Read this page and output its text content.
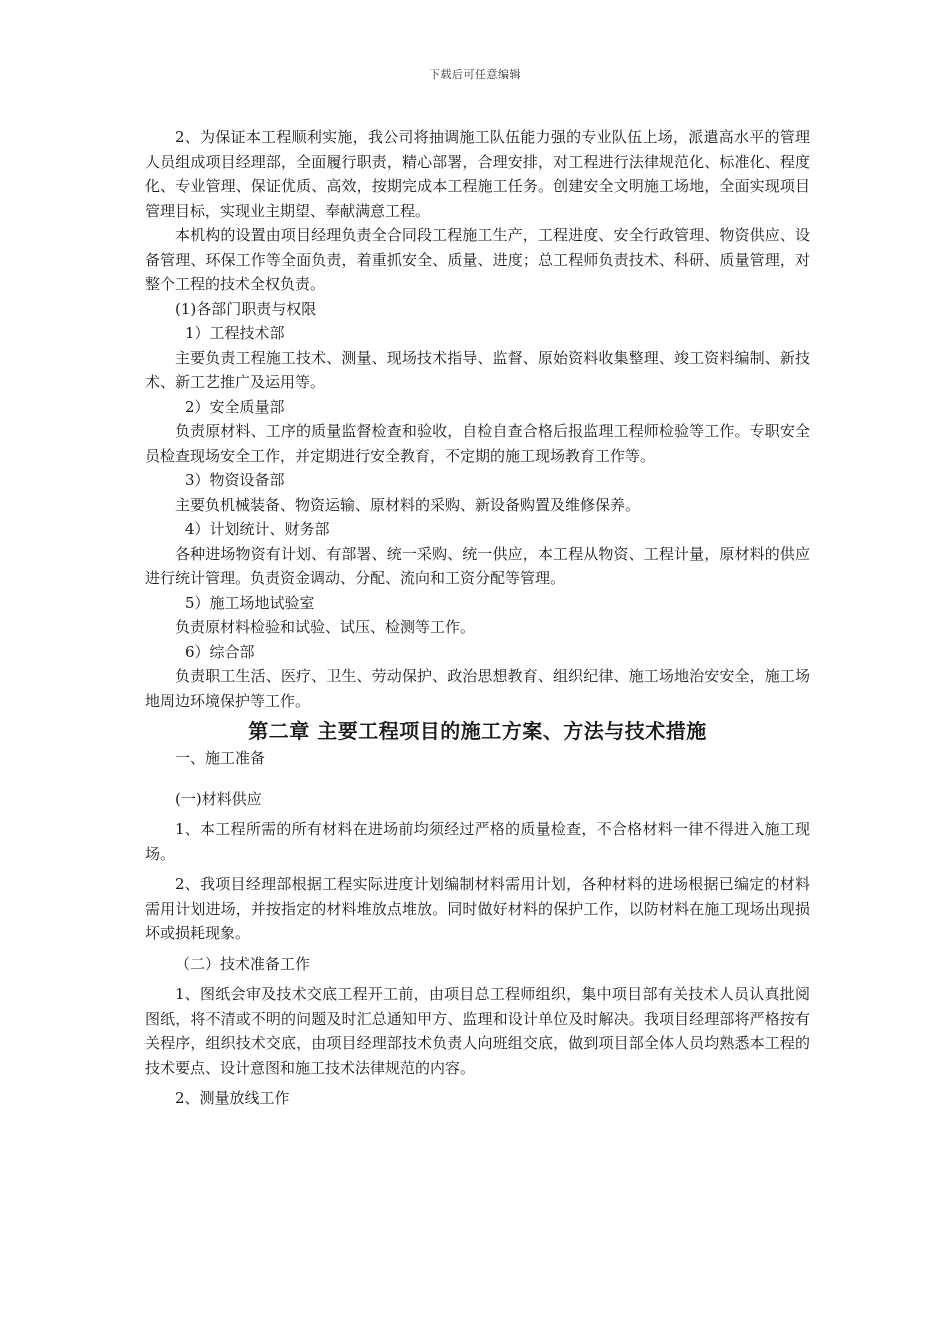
下载后可任意编辑

2、为保证本工程顺利实施，我公司将抽调施工队伍能力强的专业队伍上场，派遣高水平的管理人员组成项目经理部，全面履行职责，精心部署，合理安排，对工程进行法律规范化、标准化、程度化、专业管理、保证优质、高效，按期完成本工程施工任务。创建安全文明施工场地，全面实现项目管理目标，实现业主期望、奉献满意工程。

本机构的设置由项目经理负责全合同段工程施工生产，工程进度、安全行政管理、物资供应、设备管理、环保工作等全面负责，着重抓安全、质量、进度；总工程师负责技术、科研、质量管理，对整个工程的技术全权负责。

(1)各部门职责与权限

1）工程技术部

主要负责工程施工技术、测量、现场技术指导、监督、原始资料收集整理、竣工资料编制、新技术、新工艺推广及运用等。

2）安全质量部

负责原材料、工序的质量监督检查和验收，自检自查合格后报监理工程师检验等工作。专职安全员检查现场安全工作，并定期进行安全教育，不定期的施工现场教育工作等。

3）物资设备部

主要负机械装备、物资运输、原材料的采购、新设备购置及维修保养。

4）计划统计、财务部

各种进场物资有计划、有部署、统一采购、统一供应，本工程从物资、工程计量，原材料的供应进行统计管理。负责资金调动、分配、流向和工资分配等管理。

5）施工场地试验室

负责原材料检验和试验、试压、检测等工作。

6）综合部

负责职工生活、医疗、卫生、劳动保护、政治思想教育、组织纪律、施工场地治安安全，施工场地周边环境保护等工作。

第二章 主要工程项目的施工方案、方法与技术措施

一、施工准备

(一)材料供应

1、本工程所需的所有材料在进场前均须经过严格的质量检查，不合格材料一律不得进入施工现场。

2、我项目经理部根据工程实际进度计划编制材料需用计划，各种材料的进场根据已编定的材料需用计划进场，并按指定的材料堆放点堆放。同时做好材料的保护工作，以防材料在施工现场出现损坏或损耗现象。

（二）技术准备工作

1、图纸会审及技术交底工程开工前，由项目总工程师组织，集中项目部有关技术人员认真批阅图纸，将不清或不明的问题及时汇总通知甲方、监理和设计单位及时解决。我项目经理部将严格按有关程序，组织技术交底，由项目经理部技术负责人向班组交底，做到项目部全体人员均熟悉本工程的技术要点、设计意图和施工技术法律规范的内容。

2、测量放线工作
